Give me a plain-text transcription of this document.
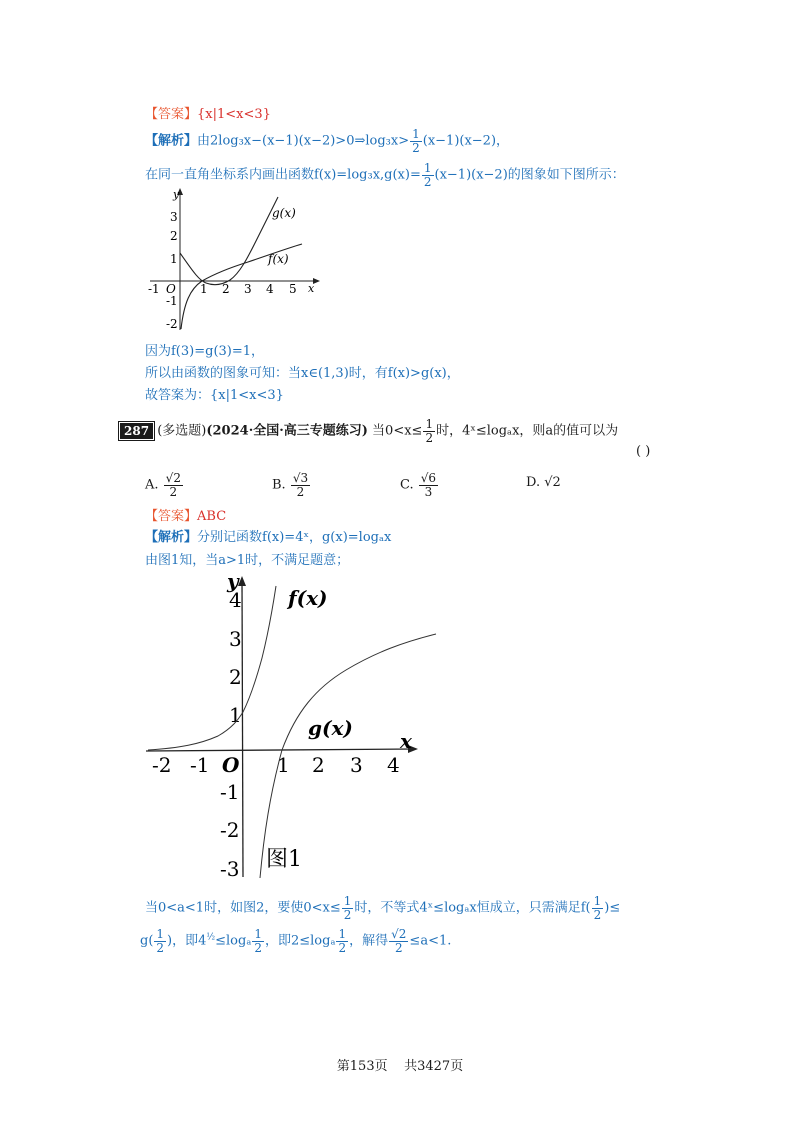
【答案】{x|1<x<3}
【解析】由2log₃x−(x−1)(x−2)>0⇒log₃x> $\frac{1}{2} (x-1)(x-2)$，
在同一直角坐标系内画出函数$f(x)=\log_3x,g(x)= \frac{1}{2} (x-1)(x-2)$的图象如下图所示：
y
x
O
-1	1 2 3 4 5
3
2
1
-1
-2
g(x)
f(x)
因为f(3)=g(3)=1，
所以由函数的图象可知：当x∈(1,3)时，有f(x)>g(x)，
故答案为：{x|1<x<3}
287 (多选题)(2024·全国·高三专题练习) 当$0<x\le \frac{1}{2}$ 时，4ˣ≤logₐx，则a的值可以为
( )
A. $\frac{√2}{2}$	B. $\frac{√3}{2}$	C. $\frac{√6}{3}$	D. √2
【答案】ABC
【解析】分别记函数f(x)=4ˣ，g(x)=logₐx
由图1知，当a>1时，不满足题意；
y
x
O
-2 -1	1 2 3 4
4
3
2
1
-1
-2
-3
f(x)
g(x)
图1
当0<a<1时，如图2，要使$0<x\le \frac{1}{2}$ 时，不等式4ˣ≤logₐx恒成立，只需满足$f( \frac{1}{2}$ )≤
$g( \frac{1}{2}$ )，即$4^{\frac{1}{2}}\le\log_a \frac{1}{2}$ ，即$2\le\log_a \frac{1}{2}$ ，解得 $\frac{√2}{2} \le a<1$.
第153页    共3427页
